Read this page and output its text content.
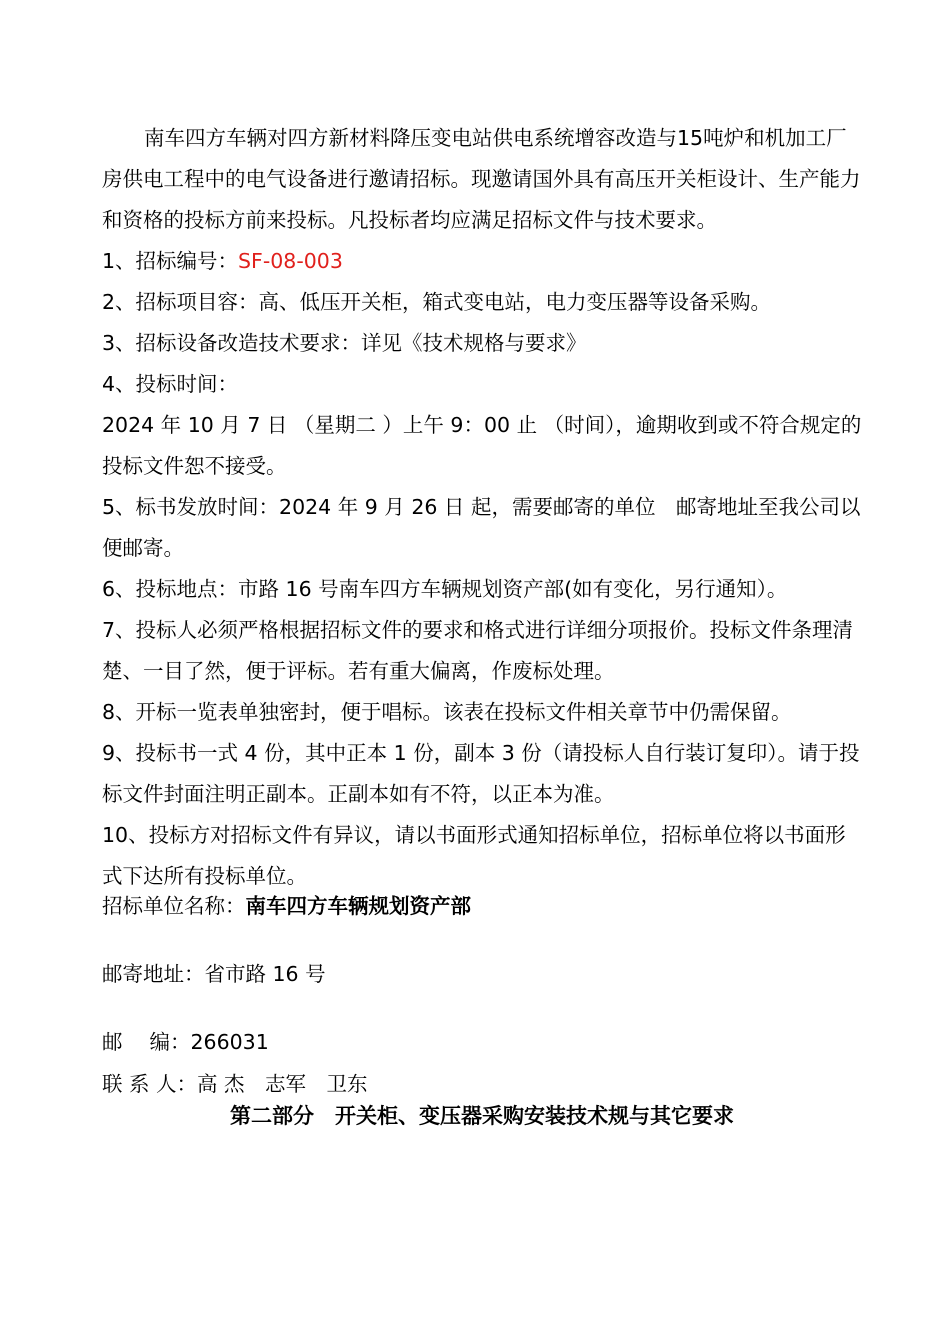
南车四方车辆对四方新材料降压变电站供电系统增容改造与15吨炉和机加工厂房供电工程中的电气设备进行邀请招标。现邀请国外具有高压开关柜设计、生产能力和资格的投标方前来投标。凡投标者均应满足招标文件与技术要求。

1、招标编号：SF-08-003

2、招标项目容：高、低压开关柜，箱式变电站，电力变压器等设备采购。

3、招标设备改造技术要求：详见《技术规格与要求》

4、投标时间：

2024 年 10 月 7 日 （星期二 ）上午 9：00 止 （时间），逾期收到或不符合规定的投标文件恕不接受。

5、标书发放时间：2024 年 9 月 26 日 起，需要邮寄的单位　邮寄地址至我公司以便邮寄。

6、投标地点：市路 16 号南车四方车辆规划资产部(如有变化，另行通知）。

7、投标人必须严格根据招标文件的要求和格式进行详细分项报价。投标文件条理清楚、一目了然，便于评标。若有重大偏离，作废标处理。

8、开标一览表单独密封，便于唱标。该表在投标文件相关章节中仍需保留。

9、投标书一式 4 份，其中正本 1 份，副本 3 份（请投标人自行装订复印）。请于投标文件封面注明正副本。正副本如有不符，以正本为准。

10、投标方对招标文件有异议，请以书面形式通知招标单位，招标单位将以书面形式下达所有投标单位。

招标单位名称：南车四方车辆规划资产部

邮寄地址：省市路 16 号

邮　 编：266031

联 系 人：高 杰　志军　卫东

第二部分　开关柜、变压器采购安装技术规与其它要求
